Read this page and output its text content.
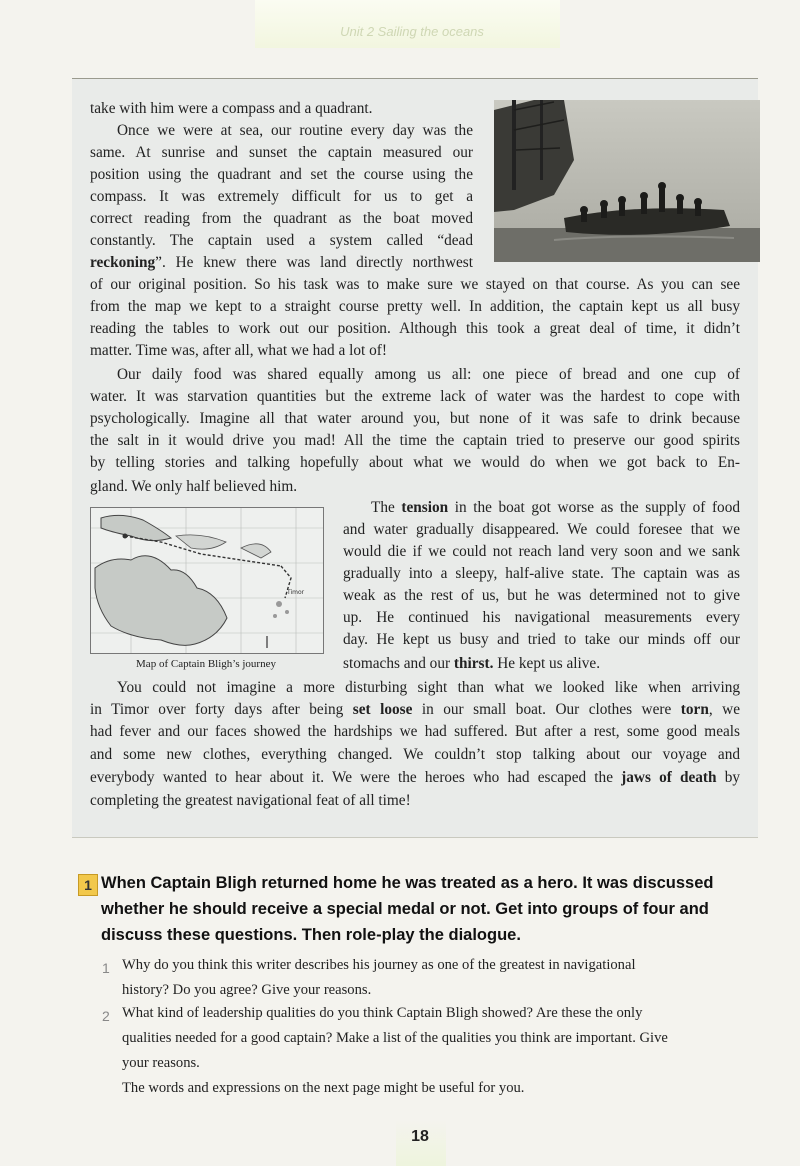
Unit 2 Sailing the oceans

take with him were a compass and a quadrant.

Once we were at sea, our routine every day was the

same. At sunrise and sunset the captain measured our

position using the quadrant and set the course using the

compass. It was extremely difficult for us to get a

correct reading from the quadrant as the boat moved

constantly. The captain used a system called “dead

reckoning”. He knew there was land directly northwest

of our original position. So his task was to make sure we stayed on that course. As you can see

from the map we kept to a straight course pretty well. In addition, the captain kept us all busy

reading the tables to work out our position. Although this took a great deal of time, it didn’t

matter. Time was, after all, what we had a lot of!

Our daily food was shared equally among us all: one piece of bread and one cup of

water. It was starvation quantities but the extreme lack of water was the hardest to cope with

psychologically. Imagine all that water around you, but none of it was safe to drink because

the salt in it would drive you mad! All the time the captain tried to preserve our good spirits

by telling stories and talking hopefully about what we would do when we got back to En-

gland. We only half believed him.

Timor
Map of Captain Bligh’s journey

The tension in the boat got worse as the supply of food

and water gradually disappeared. We could foresee that we

would die if we could not reach land very soon and we sank

gradually into a sleepy, half-alive state. The captain was as

weak as the rest of us, but he was determined not to give

up. He continued his navigational measurements every

day. He kept us busy and tried to take our minds off our

stomachs and our thirst. He kept us alive.

You could not imagine a more disturbing sight than what we looked like when arriving

in Timor over forty days after being set loose in our small boat. Our clothes were torn, we

had fever and our faces showed the hardships we had suffered. But after a rest, some good meals

and some new clothes, everything changed. We couldn’t stop talking about our voyage and

everybody wanted to hear about it. We were the heroes who had escaped the jaws of death by

completing the greatest navigational feat of all time!

1 When Captain Bligh returned home he was treated as a hero. It was discussed
whether he should receive a special medal or not. Get into groups of four and
discuss these questions. Then role-play the dialogue.
1 Why do you think this writer describes his journey as one of the greatest in navigational
history? Do you agree? Give your reasons.
2 What kind of leadership qualities do you think Captain Bligh showed? Are these the only
qualities needed for a good captain? Make a list of the qualities you think are important. Give
your reasons.
The words and expressions on the next page might be useful for you.
18
